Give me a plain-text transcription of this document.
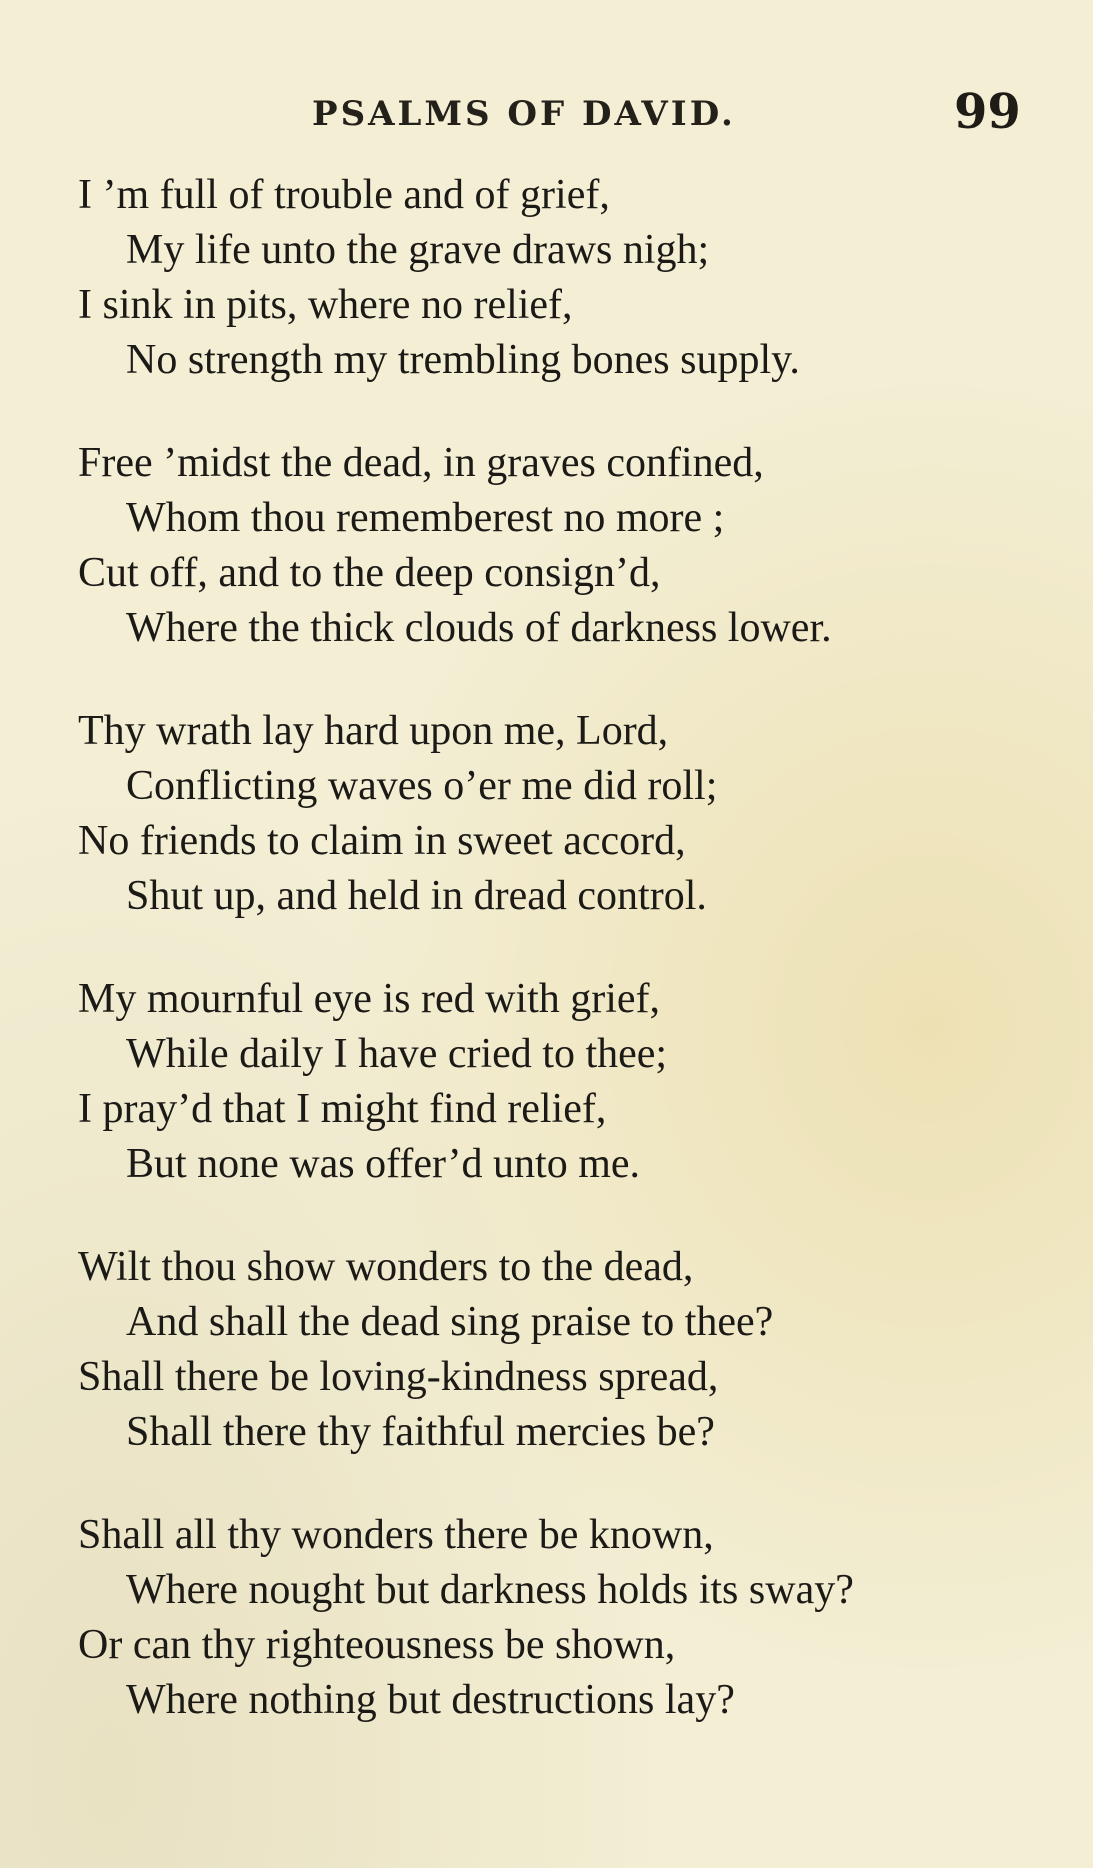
PSALMS OF DAVID.	99
I ’m full of trouble and of grief,
My life unto the grave draws nigh;
I sink in pits, where no relief,
No strength my trembling bones supply.
Free ’midst the dead, in graves confined,
Whom thou rememberest no more ;
Cut off, and to the deep consign’d,
Where the thick clouds of darkness lower.
Thy wrath lay hard upon me, Lord,
Conflicting waves o’er me did roll;
No friends to claim in sweet accord,
Shut up, and held in dread control.
My mournful eye is red with grief,
While daily I have cried to thee;
I pray’d that I might find relief,
But none was offer’d unto me.
Wilt thou show wonders to the dead,
And shall the dead sing praise to thee?
Shall there be loving-kindness spread,
Shall there thy faithful mercies be?
Shall all thy wonders there be known,
Where nought but darkness holds its sway?
Or can thy righteousness be shown,
Where nothing but destructions lay?
